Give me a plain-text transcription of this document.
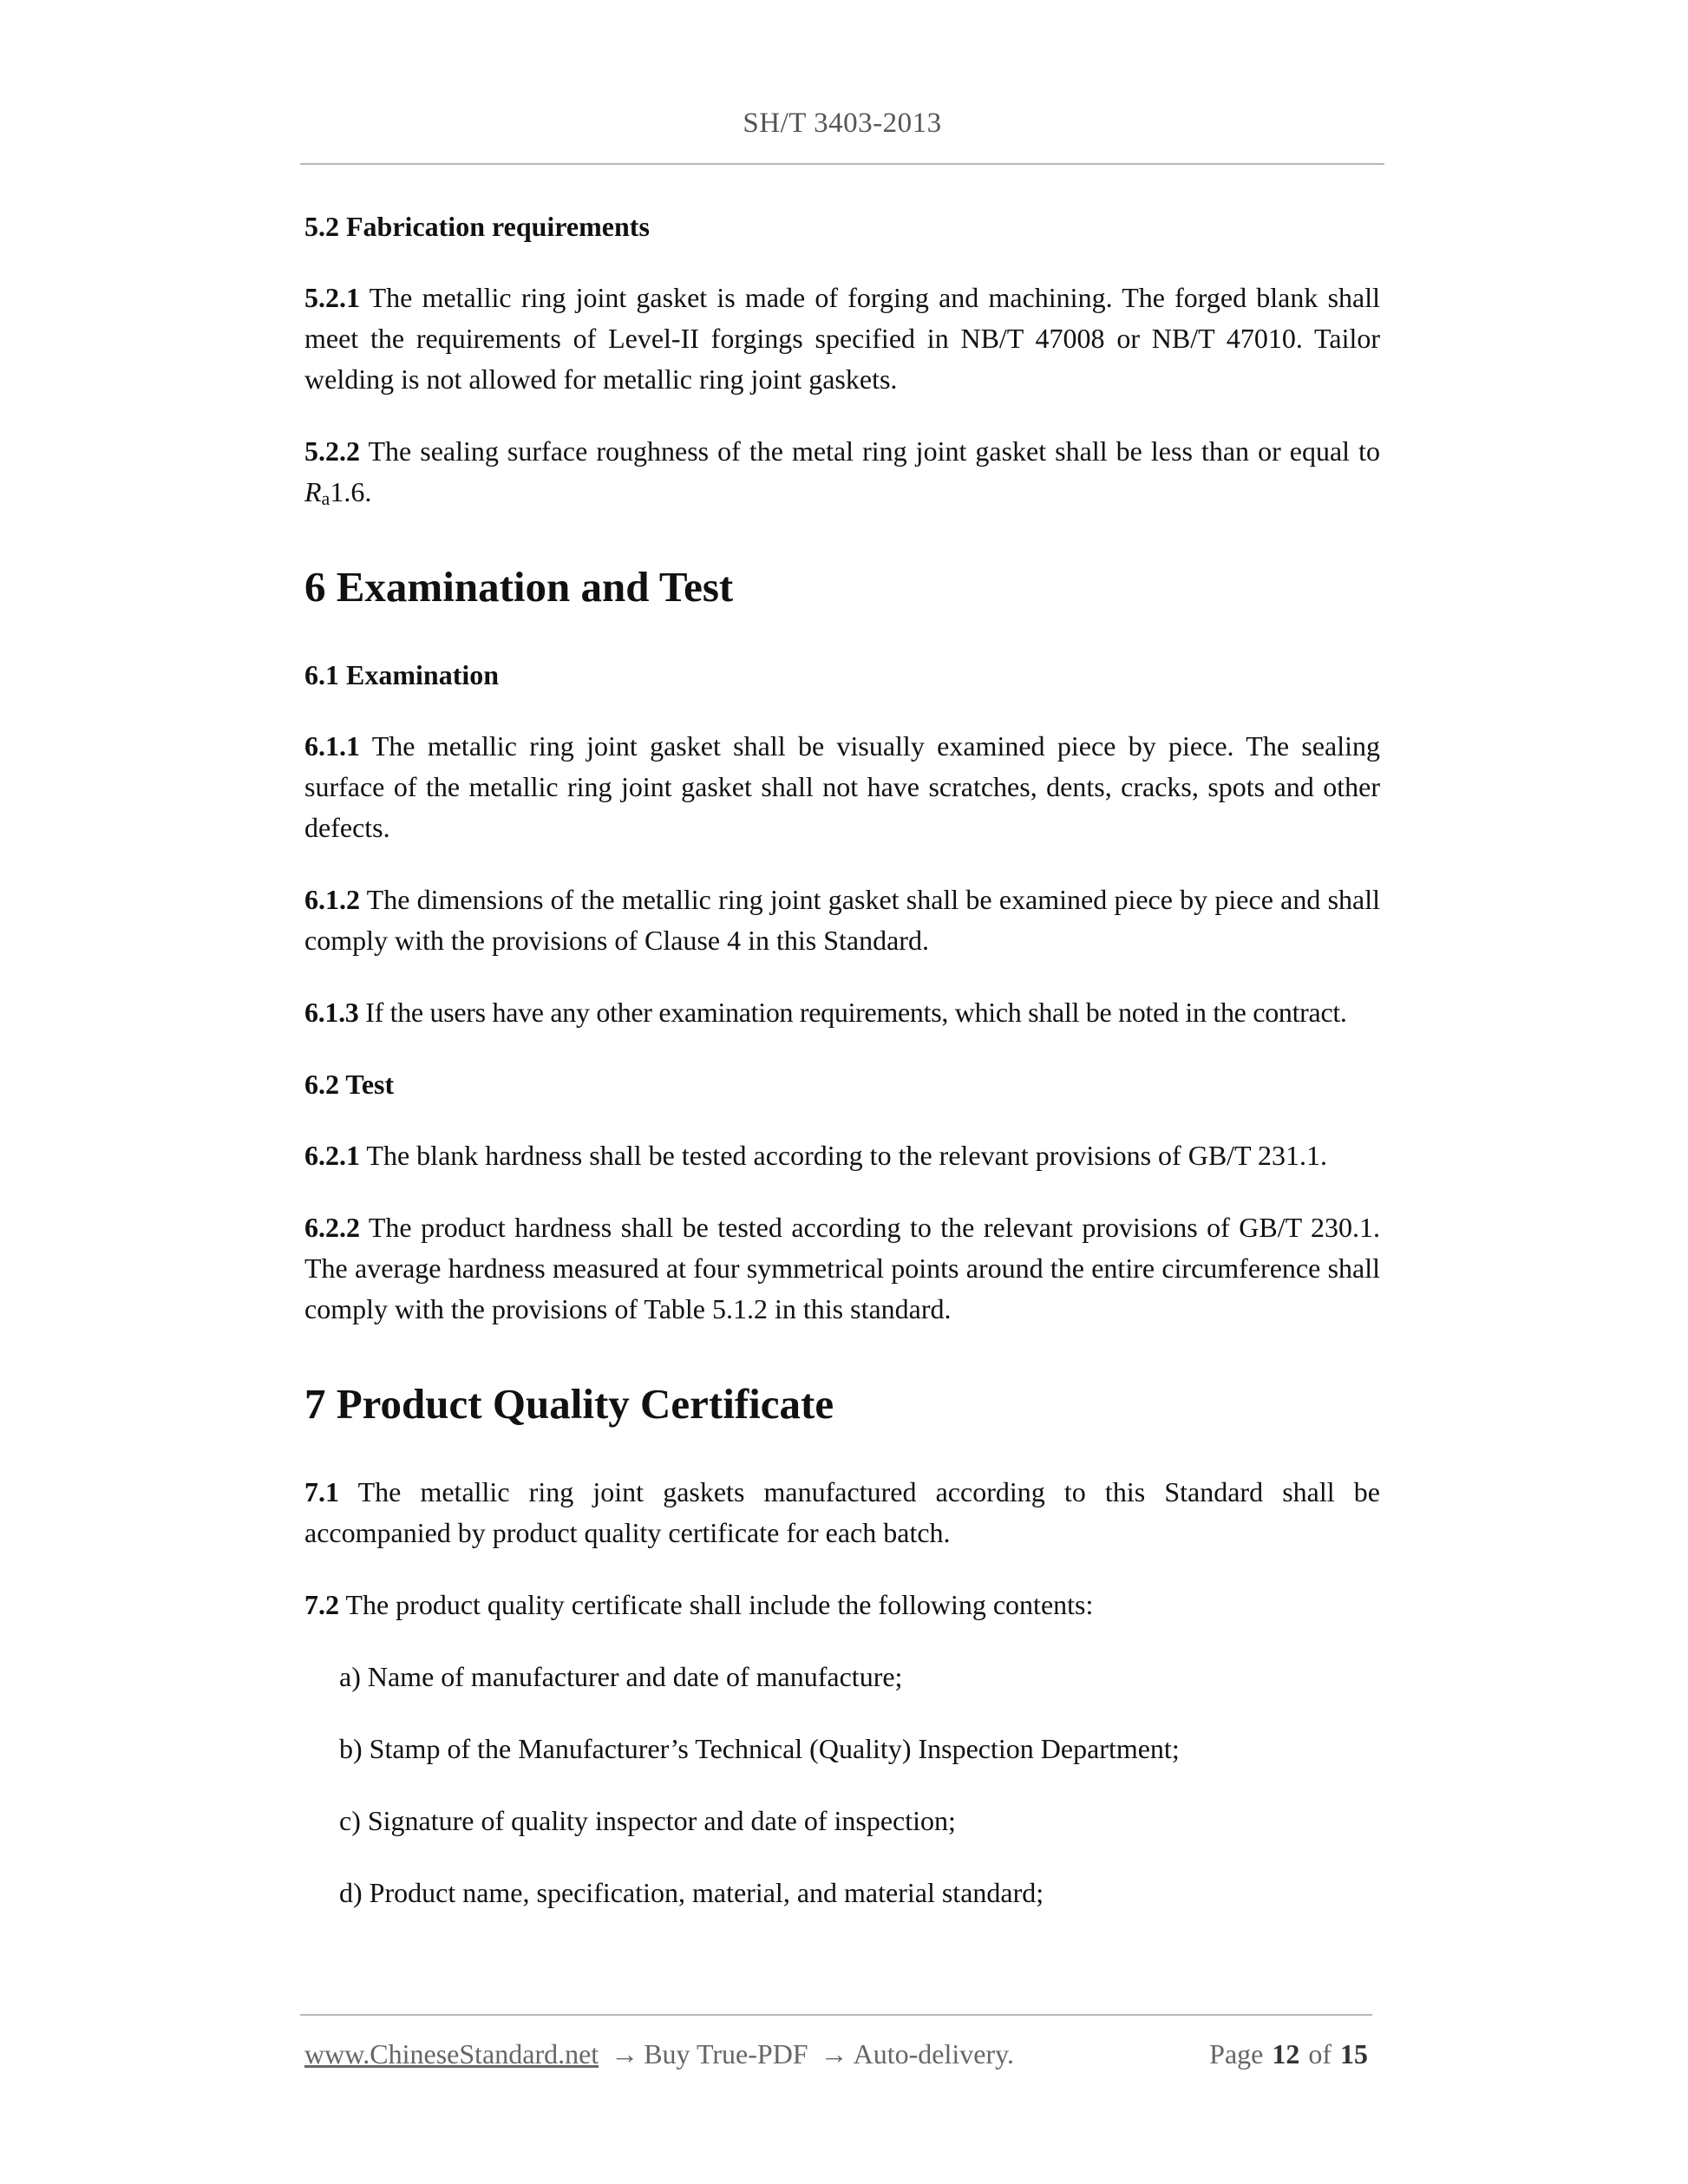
SH/T 3403-2013
5.2 Fabrication requirements
5.2.1 The metallic ring joint gasket is made of forging and machining. The forged blank shall meet the requirements of Level-II forgings specified in NB/T 47008 or NB/T 47010. Tailor welding is not allowed for metallic ring joint gaskets.
5.2.2 The sealing surface roughness of the metal ring joint gasket shall be less than or equal to $R_a1.6$.
6 Examination and Test
6.1 Examination
6.1.1 The metallic ring joint gasket shall be visually examined piece by piece. The sealing surface of the metallic ring joint gasket shall not have scratches, dents, cracks, spots and other defects.
6.1.2 The dimensions of the metallic ring joint gasket shall be examined piece by piece and shall comply with the provisions of Clause 4 in this Standard.
6.1.3 If the users have any other examination requirements, which shall be noted in the contract.
6.2 Test
6.2.1 The blank hardness shall be tested according to the relevant provisions of GB/T 231.1.
6.2.2 The product hardness shall be tested according to the relevant provisions of GB/T 230.1. The average hardness measured at four symmetrical points around the entire circumference shall comply with the provisions of Table 5.1.2 in this standard.
7 Product Quality Certificate
7.1 The metallic ring joint gaskets manufactured according to this Standard shall be accompanied by product quality certificate for each batch.
7.2 The product quality certificate shall include the following contents:
a) Name of manufacturer and date of manufacture;
b) Stamp of the Manufacturer’s Technical (Quality) Inspection Department;
c) Signature of quality inspector and date of inspection;
d) Product name, specification, material, and material standard;
www.ChineseStandard.net → Buy True-PDF → Auto-delivery.	Page 12 of 15
